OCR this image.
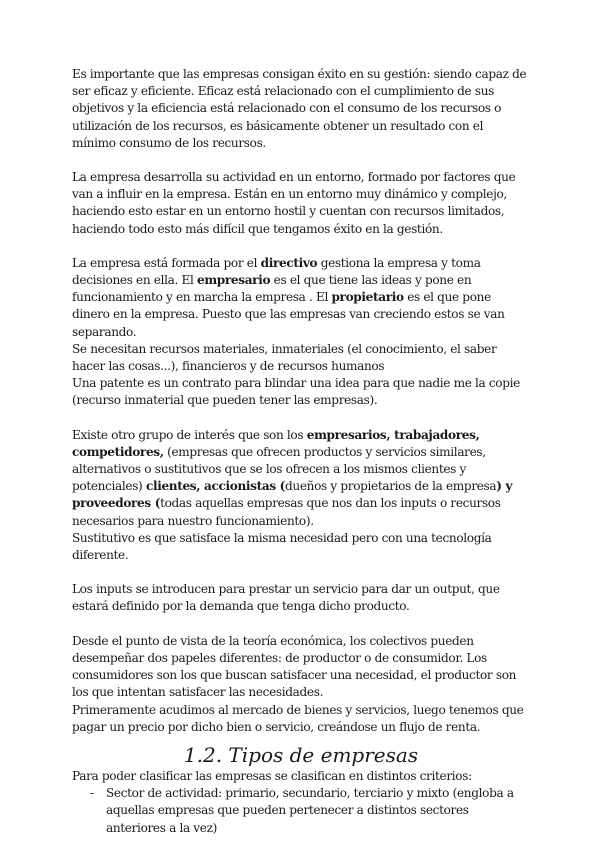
Es importante que las empresas consigan éxito en su gestión: siendo capaz de ser eficaz y eficiente. Eficaz está relacionado con el cumplimiento de sus objetivos y la eficiencia está relacionado con el consumo de los recursos o utilización de los recursos, es básicamente obtener un resultado con el mínimo consumo de los recursos.

La empresa desarrolla su actividad en un entorno, formado por factores que van a influir en la empresa. Están en un entorno muy dinámico y complejo, haciendo esto estar en un entorno hostil y cuentan con recursos limitados, haciendo todo esto más difícil que tengamos éxito en la gestión.

La empresa está formada por el directivo gestiona la empresa y toma decisiones en ella. El empresario es el que tiene las ideas y pone en funcionamiento y en marcha la empresa . El propietario es el que pone dinero en la empresa. Puesto que las empresas van creciendo estos se van separando.

Se necesitan recursos materiales, inmateriales (el conocimiento, el saber hacer las cosas...), financieros y de recursos humanos

Una patente es un contrato para blindar una idea para que nadie me la copie (recurso inmaterial que pueden tener las empresas).

Existe otro grupo de interés que son los empresarios, trabajadores, competidores, (empresas que ofrecen productos y servicios similares, alternativos o sustitutivos que se los ofrecen a los mismos clientes y potenciales) clientes, accionistas (dueños y propietarios de la empresa) y proveedores (todas aquellas empresas que nos dan los inputs o recursos necesarios para nuestro funcionamiento).

Sustitutivo es que satisface la misma necesidad pero con una tecnología diferente.

Los inputs se introducen para prestar un servicio para dar un output, que estará definido por la demanda que tenga dicho producto.

Desde el punto de vista de la teoría económica, los colectivos pueden desempeñar dos papeles diferentes: de productor o de consumidor. Los consumidores son los que buscan satisfacer una necesidad, el productor son los que intentan satisfacer las necesidades.

Primeramente acudimos al mercado de bienes y servicios, luego tenemos que pagar un precio por dicho bien o servicio, creándose un flujo de renta.

1.2. Tipos de empresas

Para poder clasificar las empresas se clasifican en distintos criterios:

- Sector de actividad: primario, secundario, terciario y mixto (engloba a aquellas empresas que pueden pertenecer a distintos sectores anteriores a la vez)
